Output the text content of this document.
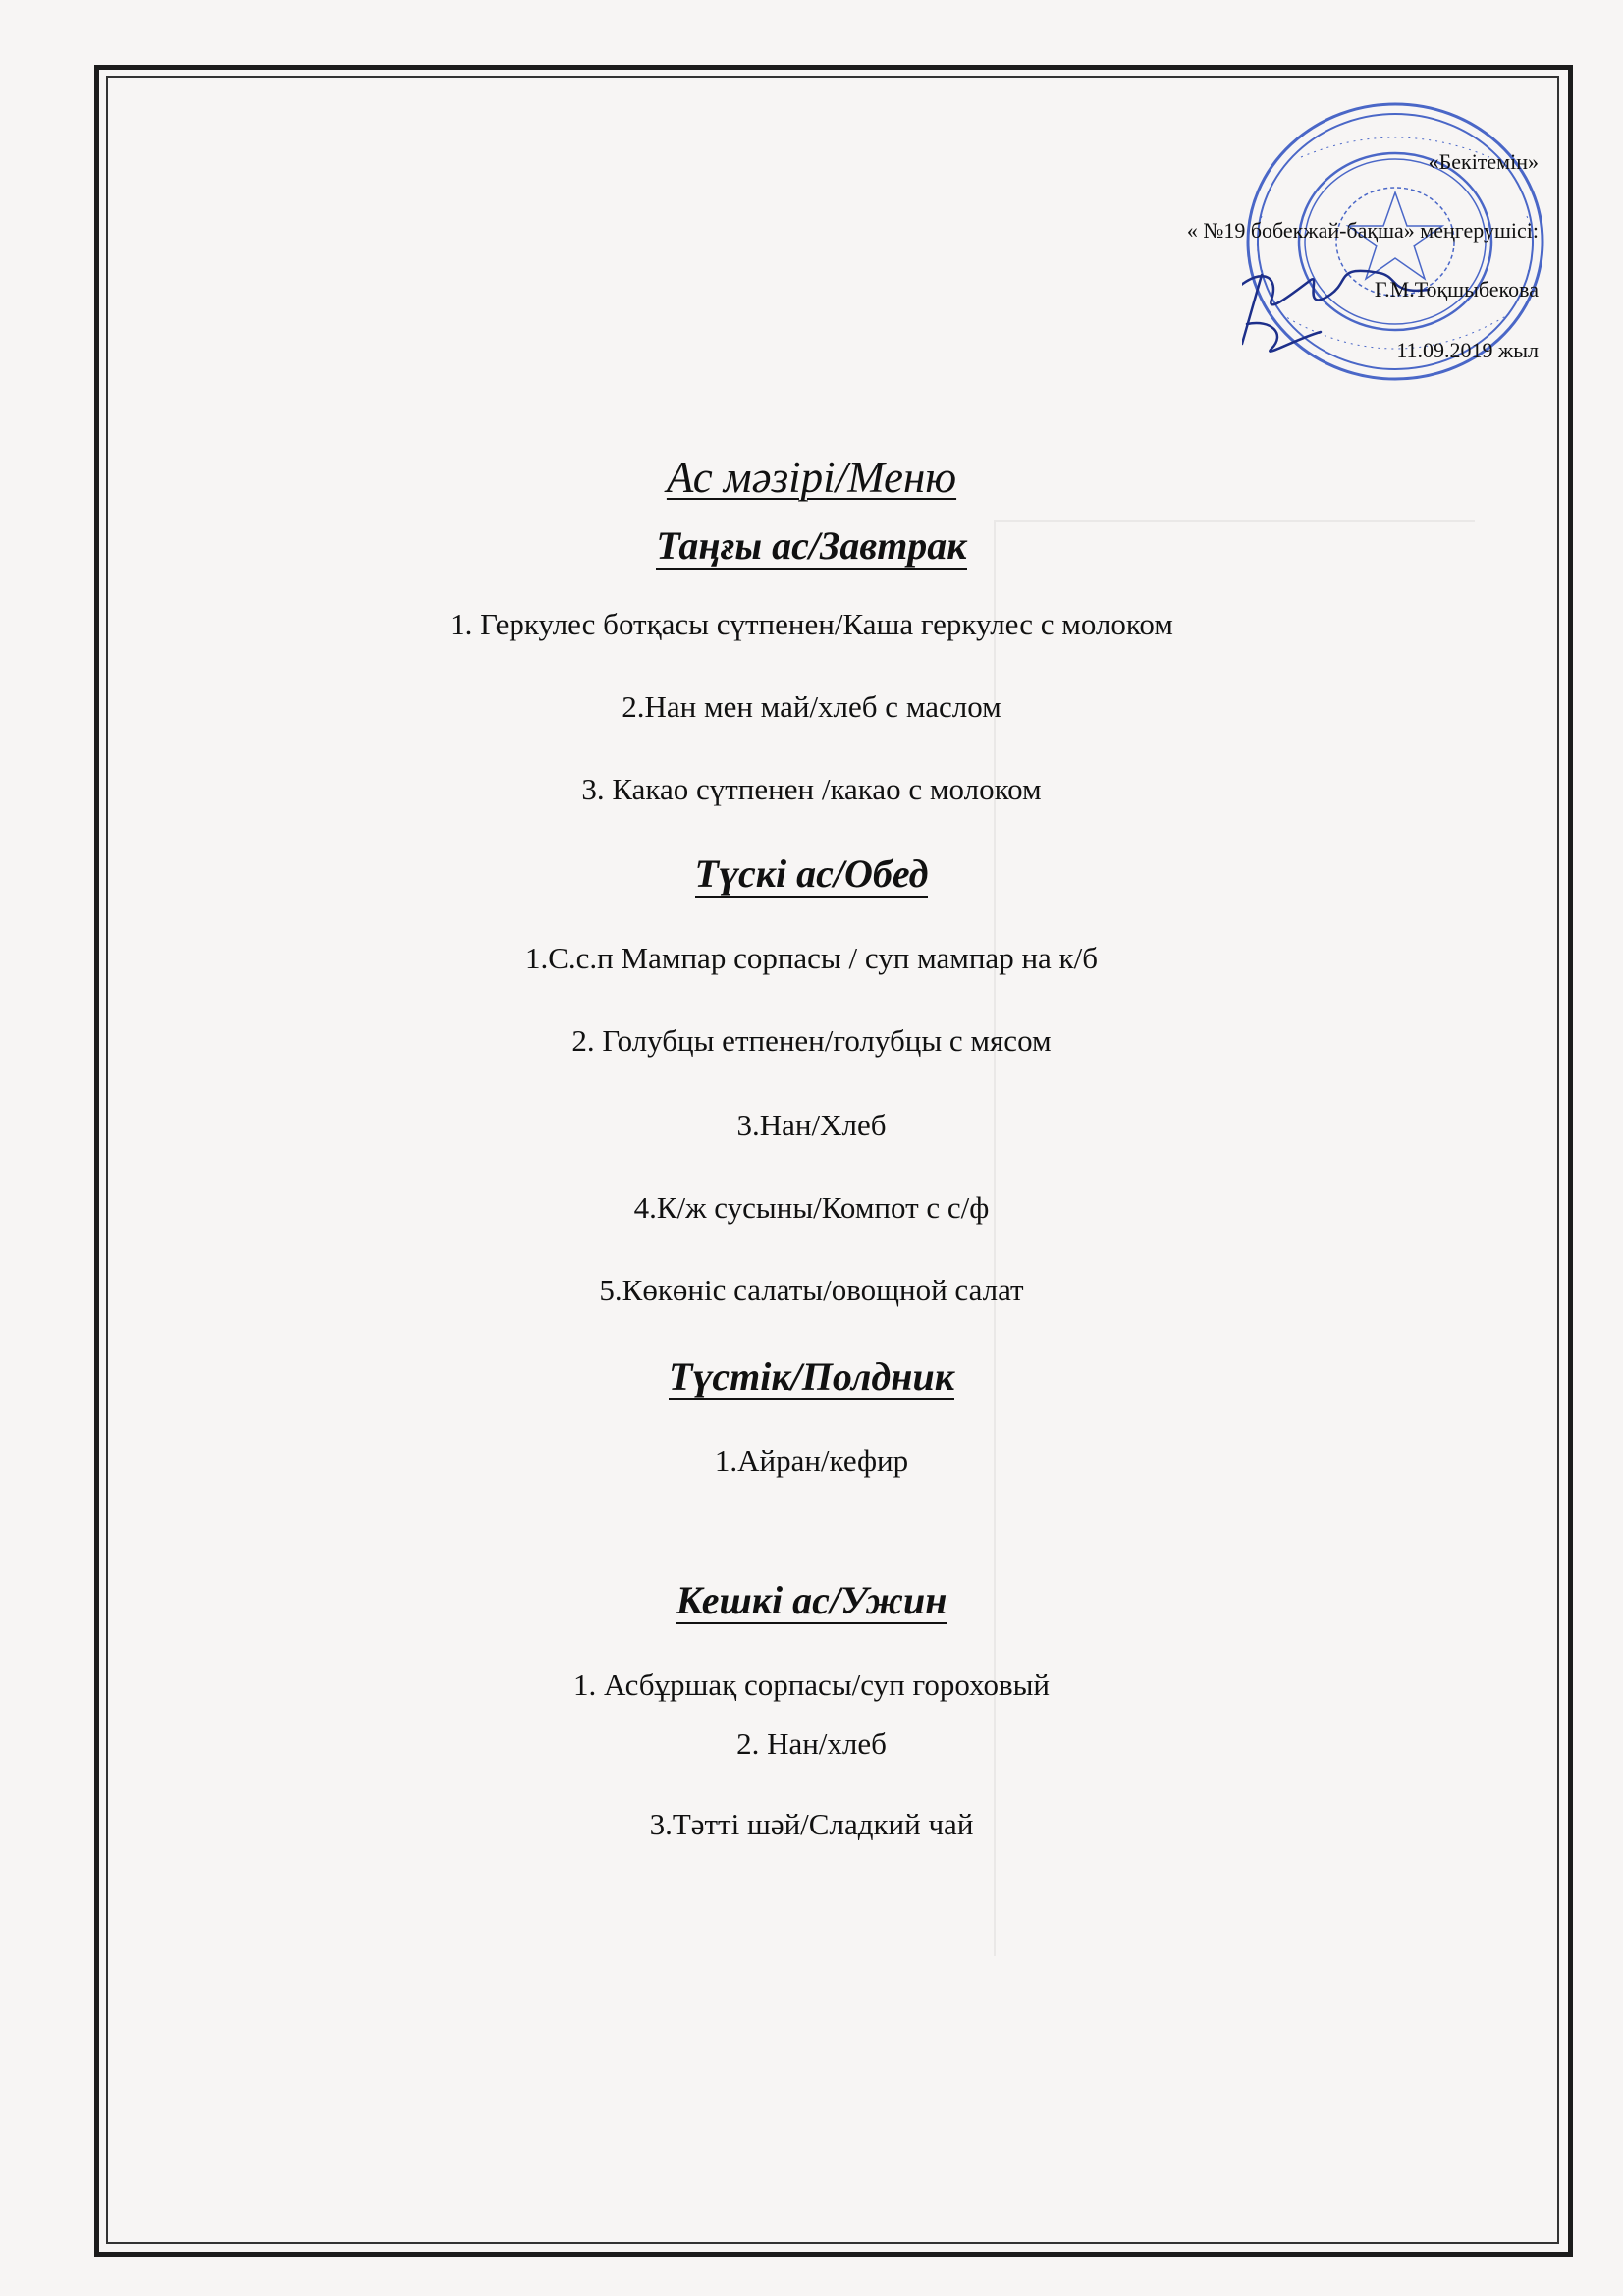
«Бекітемін»
« №19 бобекжай-бақша» меңгерушісі:
Г.М.Тоқшыбекова
11.09.2019 жыл
Ас мәзірі/Меню
Таңғы ас/Завтрак
1. Геркулес ботқасы сүтпенен/Каша геркулес с молоком
2.Нан мен май/хлеб с маслом
3. Какао сүтпенен /какао с молоком
Түскі ас/Обед
1.С.с.п Мампар сорпасы / суп мампар на к/б
2. Голубцы етпенен/голубцы с мясом
3.Нан/Хлеб
4.К/ж сусыны/Компот с с/ф
5.Көкөніс салаты/овощной салат
Түстік/Полдник
1.Айран/кефир
Кешкі ас/Ужин
1. Асбұршақ сорпасы/суп гороховый
2. Нан/хлеб
3.Тәтті шәй/Сладкий чай
